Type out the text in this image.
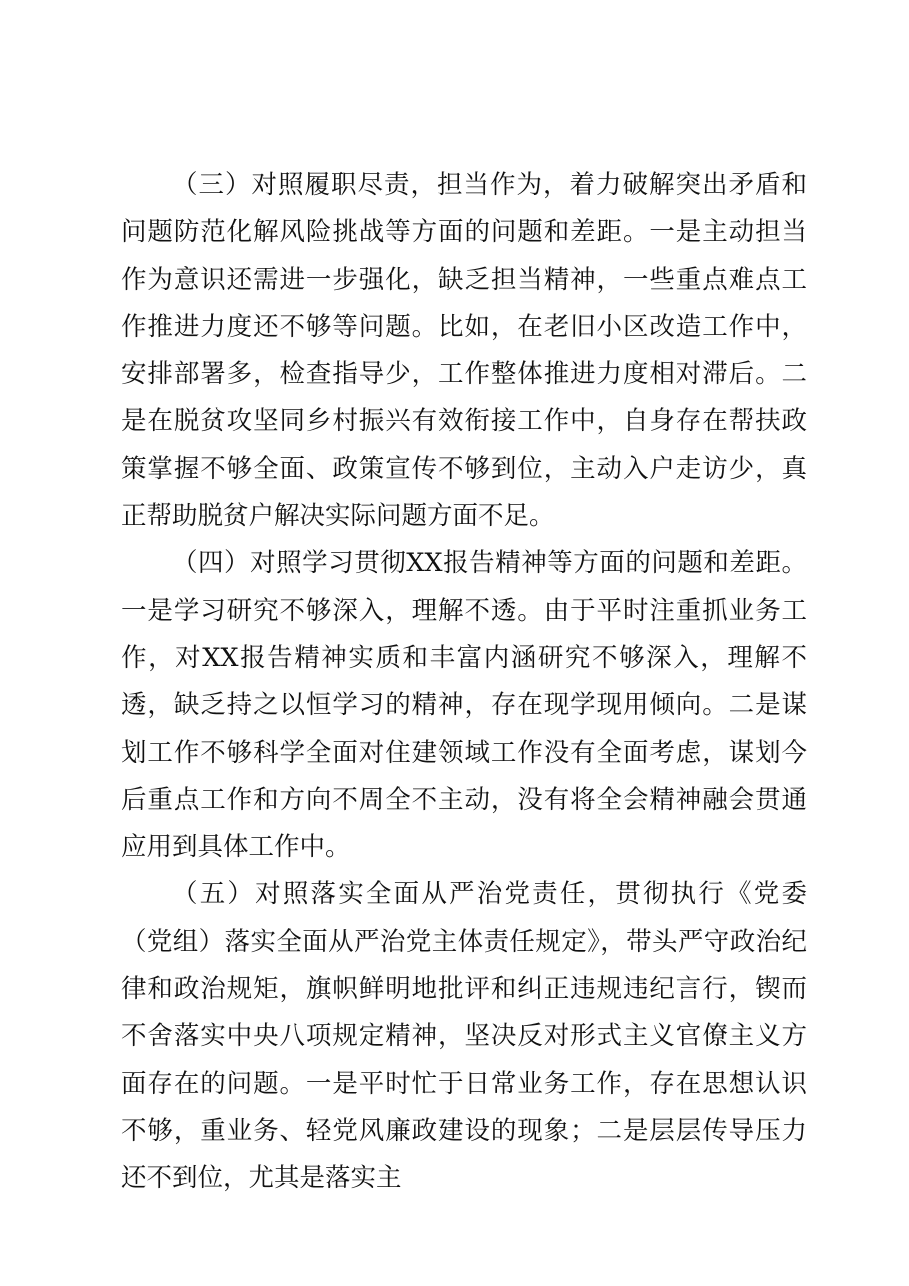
（三）对照履职尽责，担当作为，着力破解突出矛盾和问题防范化解风险挑战等方面的问题和差距。一是主动担当作为意识还需进一步强化，缺乏担当精神，一些重点难点工作推进力度还不够等问题。比如，在老旧小区改造工作中，安排部署多，检查指导少，工作整体推进力度相对滞后。二是在脱贫攻坚同乡村振兴有效衔接工作中，自身存在帮扶政策掌握不够全面、政策宣传不够到位，主动入户走访少，真正帮助脱贫户解决实际问题方面不足。

（四）对照学习贯彻XX报告精神等方面的问题和差距。一是学习研究不够深入，理解不透。由于平时注重抓业务工作，对XX报告精神实质和丰富内涵研究不够深入，理解不透，缺乏持之以恒学习的精神，存在现学现用倾向。二是谋划工作不够科学全面对住建领域工作没有全面考虑，谋划今后重点工作和方向不周全不主动，没有将全会精神融会贯通应用到具体工作中。

（五）对照落实全面从严治党责任，贯彻执行《党委（党组）落实全面从严治党主体责任规定》，带头严守政治纪律和政治规矩，旗帜鲜明地批评和纠正违规违纪言行，锲而不舍落实中央八项规定精神，坚决反对形式主义官僚主义方面存在的问题。一是平时忙于日常业务工作，存在思想认识不够，重业务、轻党风廉政建设的现象；二是层层传导压力还不到位，尤其是落实主
